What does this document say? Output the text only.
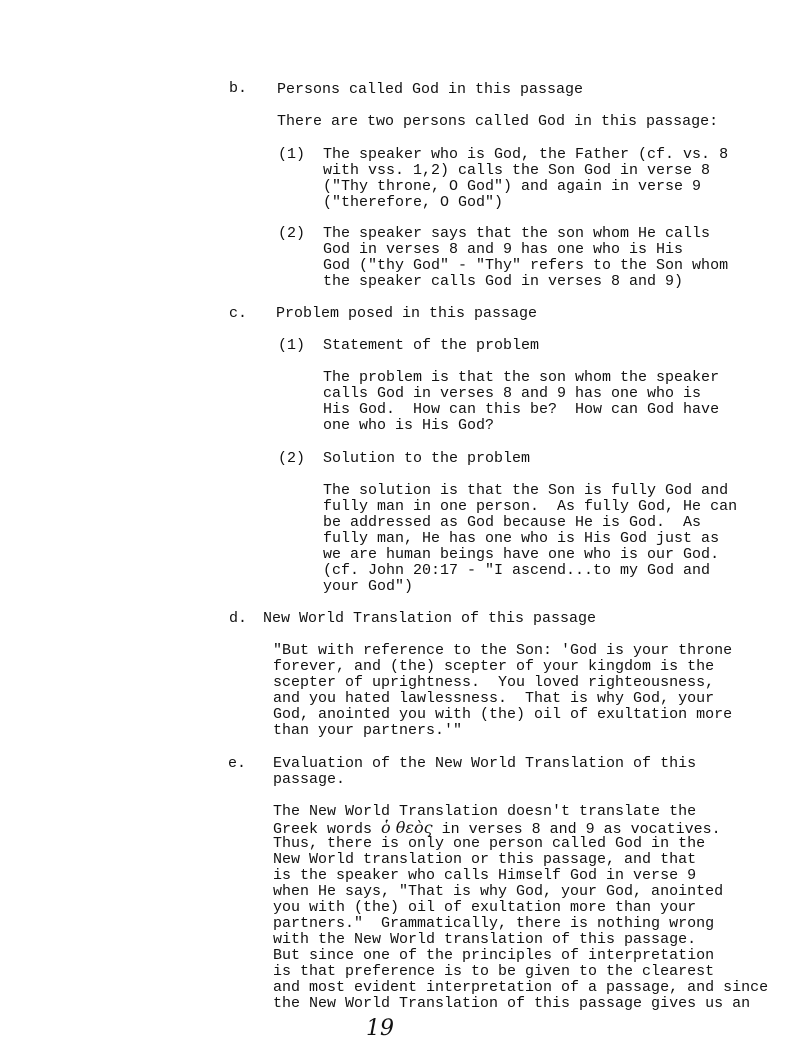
b. Persons called God in this passage
There are two persons called God in this passage:
(1) The speaker who is God, the Father (cf. vs. 8
with vss. 1,2) calls the Son God in verse 8
("Thy throne, O God") and again in verse 9
("therefore, O God")
(2) The speaker says that the son whom He calls
God in verses 8 and 9 has one who is His
God ("thy God" - "Thy" refers to the Son whom
the speaker calls God in verses 8 and 9)
c. Problem posed in this passage
(1) Statement of the problem
The problem is that the son whom the speaker
calls God in verses 8 and 9 has one who is
His God.  How can this be?  How can God have
one who is His God?
(2) Solution to the problem
The solution is that the Son is fully God and
fully man in one person.  As fully God, He can
be addressed as God because He is God.  As
fully man, He has one who is His God just as
we are human beings have one who is our God.
(cf. John 20:17 - "I ascend...to my God and
your God")
d. New World Translation of this passage
"But with reference to the Son: 'God is your throne
forever, and (the) scepter of your kingdom is the
scepter of uprightness.  You loved righteousness,
and you hated lawlessness.  That is why God, your
God, anointed you with (the) oil of exultation more
than your partners.'"
e. Evaluation of the New World Translation of this
passage.
The New World Translation doesn't translate the
Greek words ὁ θεὸς in verses 8 and 9 as vocatives.
Thus, there is only one person called God in the
New World translation or this passage, and that
is the speaker who calls Himself God in verse 9
when He says, "That is why God, your God, anointed
you with (the) oil of exultation more than your
partners."  Grammatically, there is nothing wrong
with the New World translation of this passage.
But since one of the principles of interpretation
is that preference is to be given to the clearest
and most evident interpretation of a passage, and since
the New World Translation of this passage gives us an
19
